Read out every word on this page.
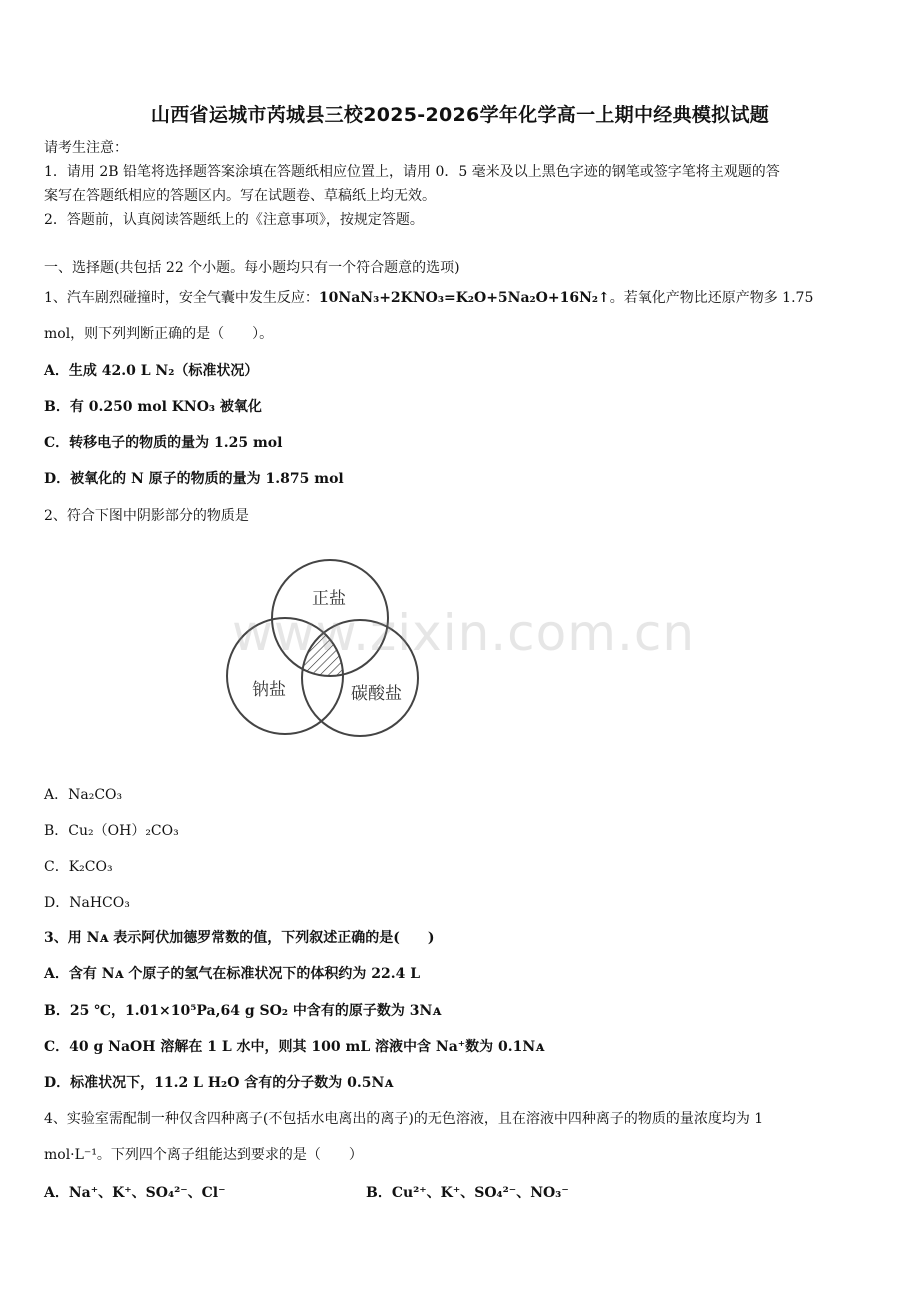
山西省运城市芮城县三校2025-2026学年化学高一上期中经典模拟试题
请考生注意：
1．请用 2B 铅笔将选择题答案涂填在答题纸相应位置上，请用 0．5 毫米及以上黑色字迹的钢笔或签字笔将主观题的答
案写在答题纸相应的答题区内。写在试题卷、草稿纸上均无效。
2．答题前，认真阅读答题纸上的《注意事项》，按规定答题。
一、选择题(共包括 22 个小题。每小题均只有一个符合题意的选项)
1、汽车剧烈碰撞时，安全气囊中发生反应：10NaN₃+2KNO₃=K₂O+5Na₂O+16N₂↑。若氧化产物比还原产物多 1.75
mol，则下列判断正确的是（　　）。
A．生成 42.0 L N₂（标准状况）
B．有 0.250 mol KNO₃ 被氧化
C．转移电子的物质的量为 1.25 mol
D．被氧化的 N 原子的物质的量为 1.875 mol
2、符合下图中阴影部分的物质是
正盐
钠盐	碳酸盐
www.zixin.com.cn
A．Na₂CO₃
B．Cu₂（OH）₂CO₃
C．K₂CO₃
D．NaHCO₃
3、用 Nᴀ 表示阿伏加德罗常数的值，下列叙述正确的是(　　)
A．含有 Nᴀ 个原子的氢气在标准状况下的体积约为 22.4 L
B．25 ℃，1.01×10⁵Pa,64 g SO₂ 中含有的原子数为 3Nᴀ
C．40 g NaOH 溶解在 1 L 水中，则其 100 mL 溶液中含 Na⁺数为 0.1Nᴀ
D．标准状况下，11.2 L H₂O 含有的分子数为 0.5Nᴀ
4、实验室需配制一种仅含四种离子(不包括水电离出的离子)的无色溶液，且在溶液中四种离子的物质的量浓度均为 1
mol·L⁻¹。下列四个离子组能达到要求的是（　　）
A．Na⁺、K⁺、SO₄²⁻、Cl⁻	B．Cu²⁺、K⁺、SO₄²⁻、NO₃⁻
